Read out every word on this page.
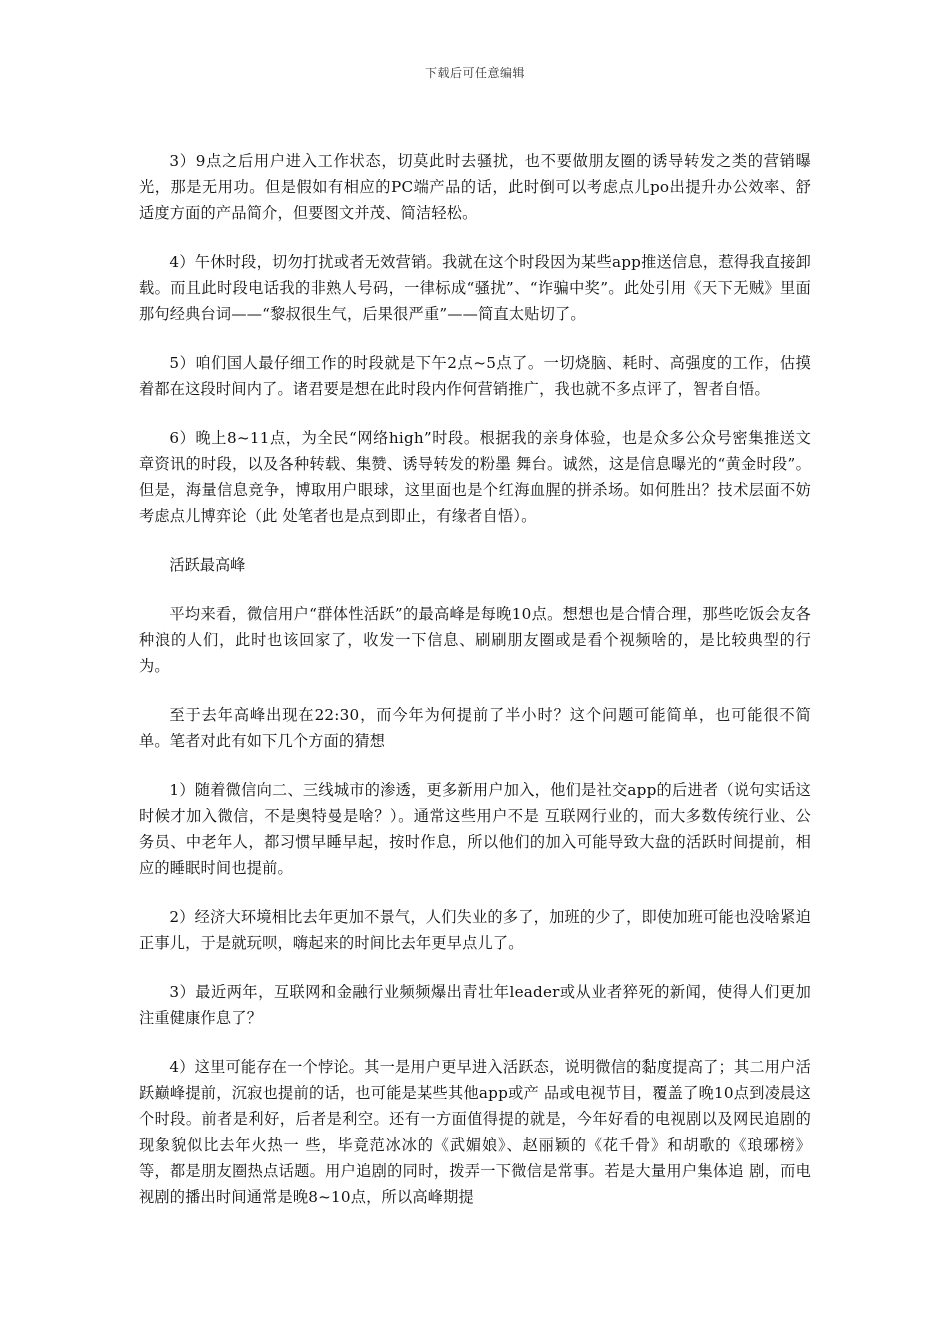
下载后可任意编辑

3）9点之后用户进入工作状态，切莫此时去骚扰，也不要做朋友圈的诱导转发之类的营销曝光，那是无用功。但是假如有相应的PC端产品的话，此时倒可以考虑点儿po出提升办公效率、舒适度方面的产品简介，但要图文并茂、简洁轻松。

4）午休时段，切勿打扰或者无效营销。我就在这个时段因为某些app推送信息，惹得我直接卸载。而且此时段电话我的非熟人号码，一律标成“骚扰”、“诈骗中奖”。此处引用《天下无贼》里面那句经典台词——“黎叔很生气，后果很严重”——简直太贴切了。

5）咱们国人最仔细工作的时段就是下午2点~5点了。一切烧脑、耗时、高强度的工作，估摸着都在这段时间内了。诸君要是想在此时段内作何营销推广，我也就不多点评了，智者自悟。

6）晚上8~11点，为全民“网络high”时段。根据我的亲身体验，也是众多公众号密集推送文章资讯的时段，以及各种转载、集赞、诱导转发的粉墨 舞台。诚然，这是信息曝光的“黄金时段”。但是，海量信息竞争，博取用户眼球，这里面也是个红海血腥的拼杀场。如何胜出？技术层面不妨考虑点儿博弈论（此 处笔者也是点到即止，有缘者自悟）。

活跃最高峰

平均来看，微信用户“群体性活跃”的最高峰是每晚10点。想想也是合情合理，那些吃饭会友各种浪的人们，此时也该回家了，收发一下信息、刷刷朋友圈或是看个视频啥的，是比较典型的行为。

至于去年高峰出现在22:30，而今年为何提前了半小时？这个问题可能简单，也可能很不简单。笔者对此有如下几个方面的猜想

1）随着微信向二、三线城市的渗透，更多新用户加入，他们是社交app的后进者（说句实话这时候才加入微信，不是奥特曼是啥？）。通常这些用户不是 互联网行业的，而大多数传统行业、公务员、中老年人，都习惯早睡早起，按时作息，所以他们的加入可能导致大盘的活跃时间提前，相应的睡眠时间也提前。

2）经济大环境相比去年更加不景气，人们失业的多了，加班的少了，即使加班可能也没啥紧迫正事儿，于是就玩呗，嗨起来的时间比去年更早点儿了。

3）最近两年，互联网和金融行业频频爆出青壮年leader或从业者猝死的新闻，使得人们更加注重健康作息了？

4）这里可能存在一个悖论。其一是用户更早进入活跃态，说明微信的黏度提高了；其二用户活跃巅峰提前，沉寂也提前的话，也可能是某些其他app或产 品或电视节目，覆盖了晚10点到凌晨这个时段。前者是利好，后者是利空。还有一方面值得提的就是，今年好看的电视剧以及网民追剧的现象貌似比去年火热一 些，毕竟范冰冰的《武媚娘》、赵丽颖的《花千骨》和胡歌的《琅琊榜》等，都是朋友圈热点话题。用户追剧的同时，拨弄一下微信是常事。若是大量用户集体追 剧，而电视剧的播出时间通常是晚8~10点，所以高峰期提
